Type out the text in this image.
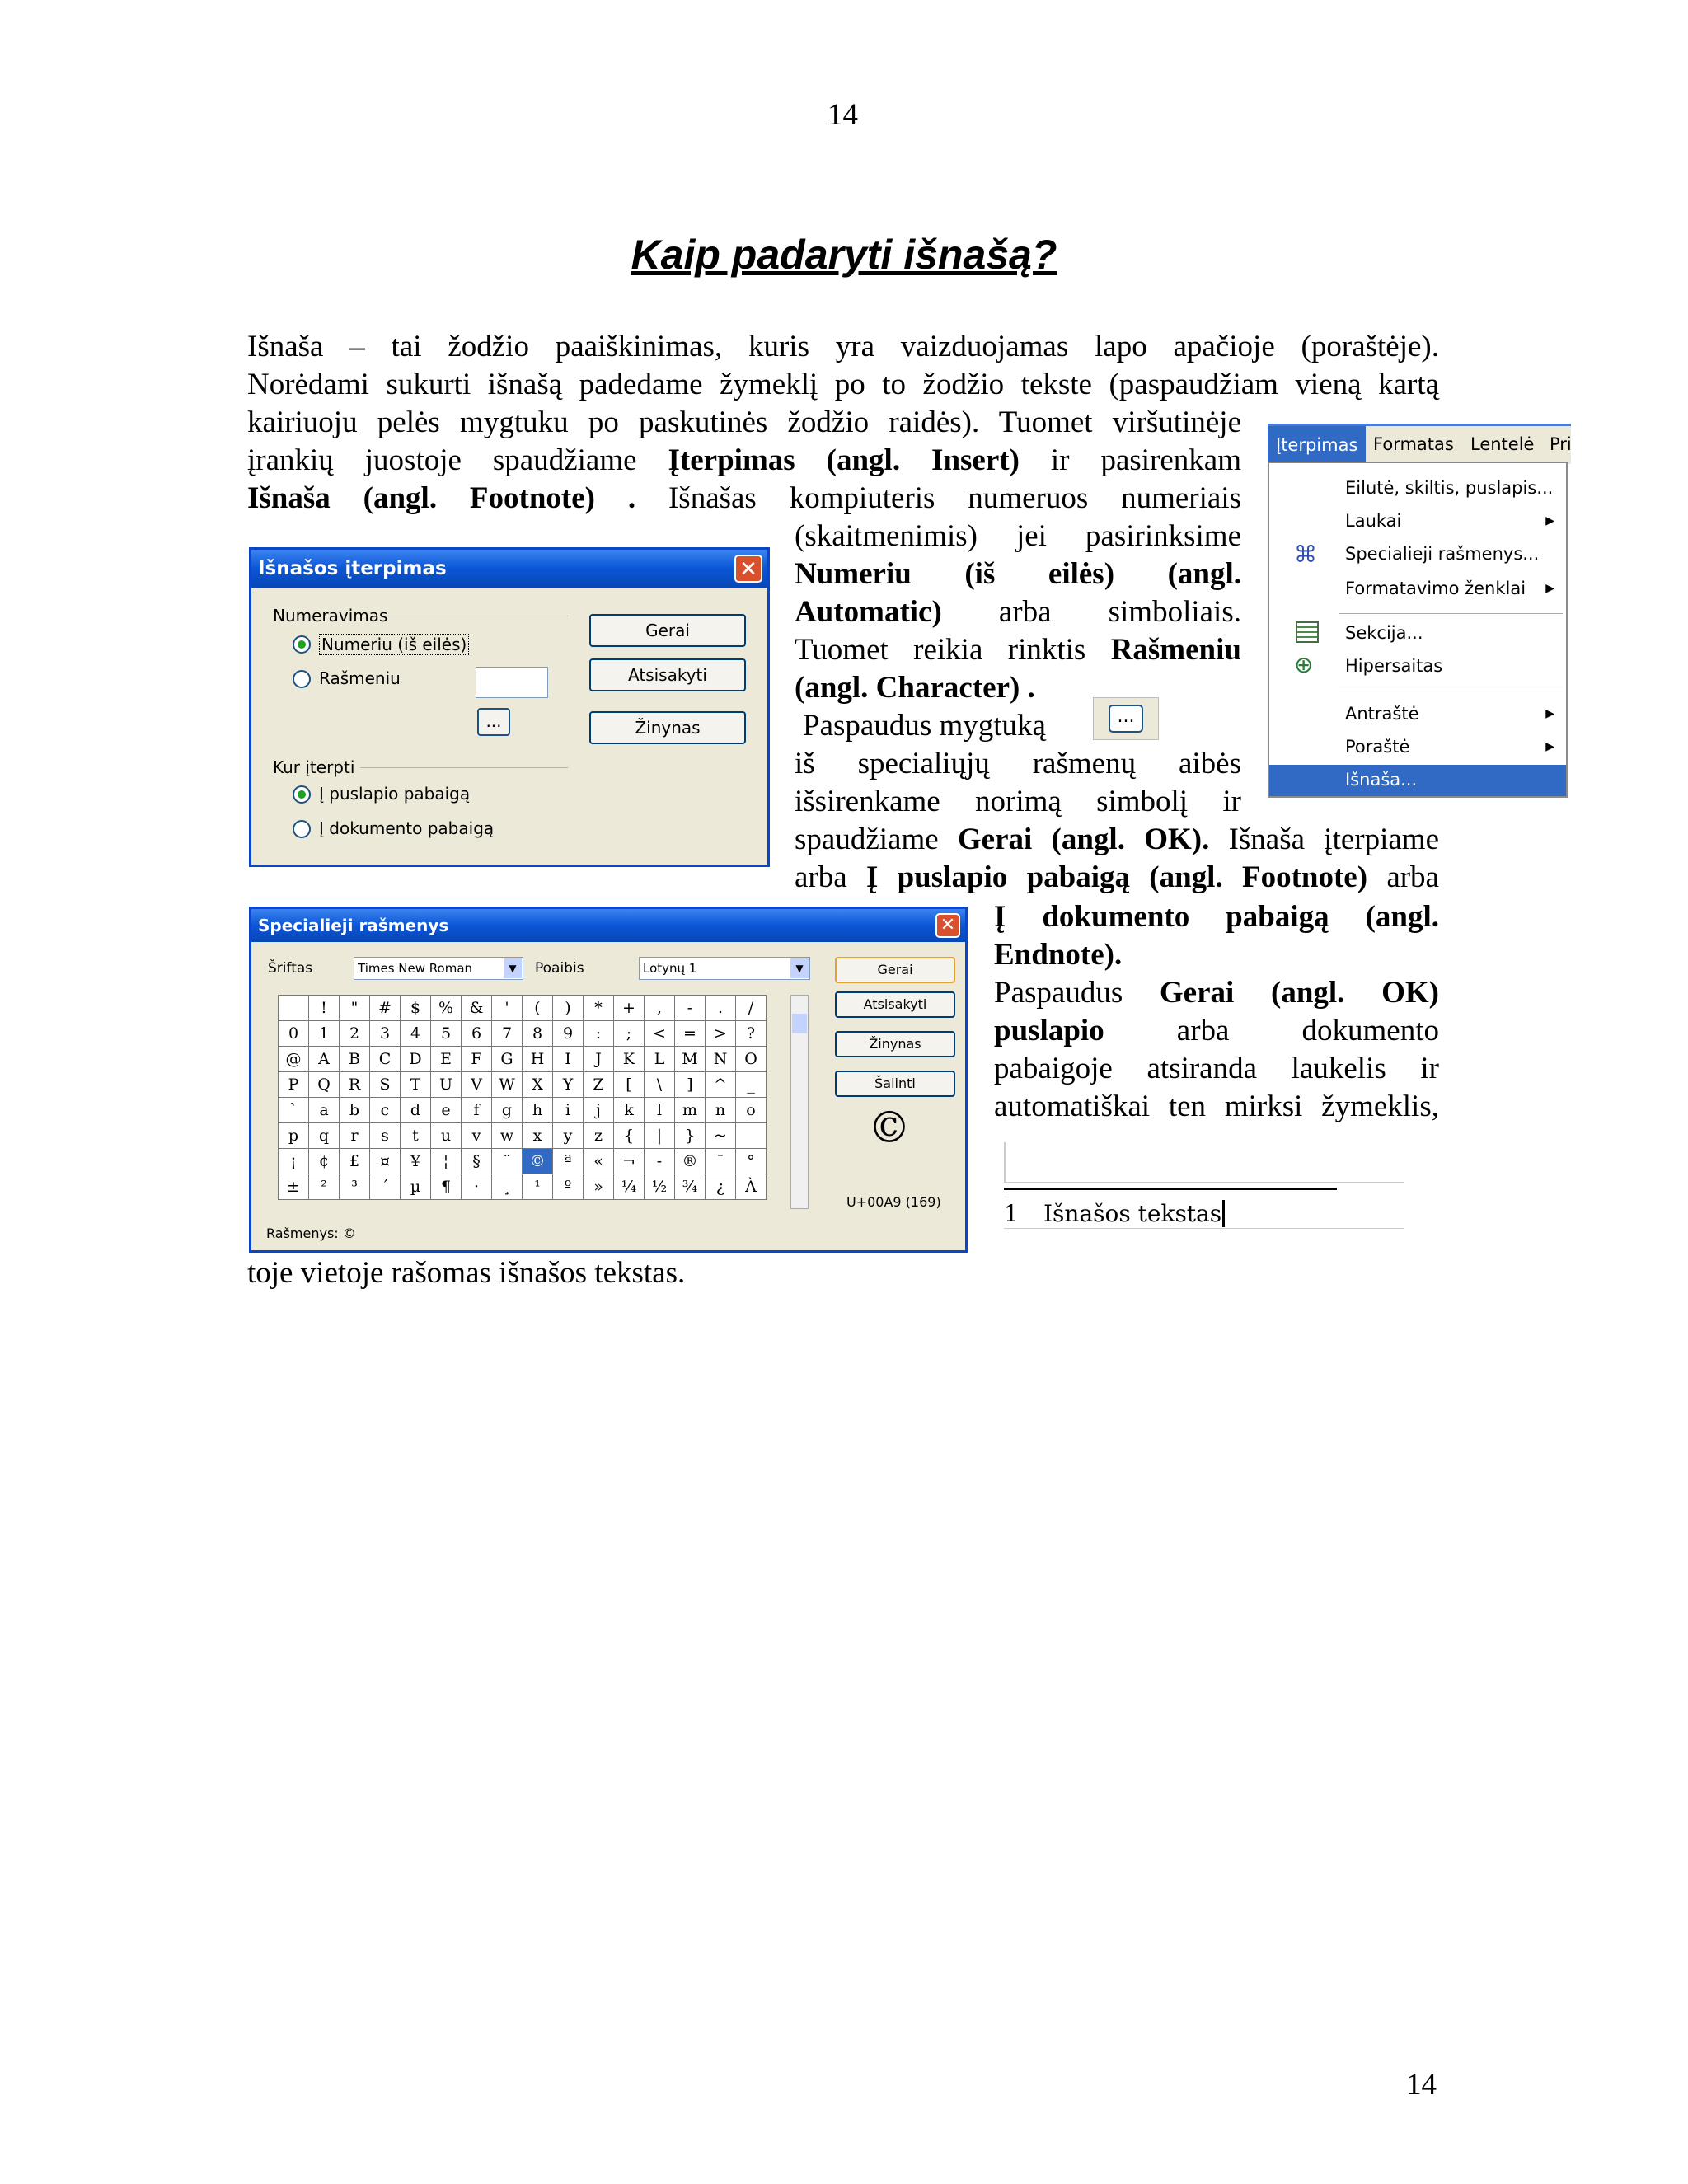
14
14
Kaip padaryti išnašą?
Išnaša – tai žodžio paaiškinimas, kuris yra vaizduojamas lapo apačioje (poraštėje).
Norėdami sukurti išnašą padedame žymeklį po to žodžio tekste (paspaudžiam vieną kartą
kairiuoju pelės mygtuku po paskutinės žodžio raidės). Tuomet viršutinėje
įrankių juostoje spaudžiame Įterpimas (angl. Insert) ir pasirenkam
Išnaša (angl. Footnote) . Išnašas kompiuteris numeruos numeriais
(skaitmenimis) jei pasirinksime
Numeriu (iš eilės) (angl.
Automatic) arba simboliais.
Tuomet reikia rinktis Rašmeniu
(angl. Character) .
Paspaudus mygtuką	...
iš specialiųjų rašmenų aibės
išsirenkame norimą simbolį ir
spaudžiame Gerai (angl. OK). Išnaša įterpiame
arba Į puslapio pabaigą (angl. Footnote) arba
Į dokumento pabaigą (angl.
Endnote).
Paspaudus Gerai (angl. OK)
puslapio arba dokumento
pabaigoje atsiranda laukelis ir
automatiškai ten mirksi žymeklis,
toje vietoje rašomas išnašos tekstas.
Išnašos įterpimas	✕
Numeravimas
Numeriu (iš eilės)
Rašmeniu
...
Kur įterpti
Į puslapio pabaigą
Į dokumento pabaigą
Gerai
Atsisakyti
Žinynas
Specialieji rašmenys	✕
Šriftas	Times New Roman	▼	Poaibis	Lotynų 1	▼
	!	"	#	$	%	&	'	(	)	*	+	,	-	.	/
0	1	2	3	4	5	6	7	8	9	:	;	<	=	>	?
@	A	B	C	D	E	F	G	H	I	J	K	L	M	N	O
P	Q	R	S	T	U	V	W	X	Y	Z	[	\	]	^	_
`	a	b	c	d	e	f	g	h	i	j	k	l	m	n	o
p	q	r	s	t	u	v	w	x	y	z	{	|	}	~	
¡	¢	£	¤	¥	¦	§	¨	©	ª	«	¬	-	®	¯	°
±	²	³	´	µ	¶	·	¸	¹	º	»	¼	½	¾	¿	À
Gerai
Atsisakyti
Žinynas
Šalinti
©
U+00A9 (169)
Rašmenys: ©
Įterpimas Formatas Lentelė Pri
Eilutė, skiltis, puslapis...
Laukai	▶
⌘ Specialieji rašmenys...
Formatavimo ženklai ▶
Sekcija...
⊕ Hipersaitas
Antraštė	▶
Poraštė	▶
Išnaša...
1 Išnašos tekstas
